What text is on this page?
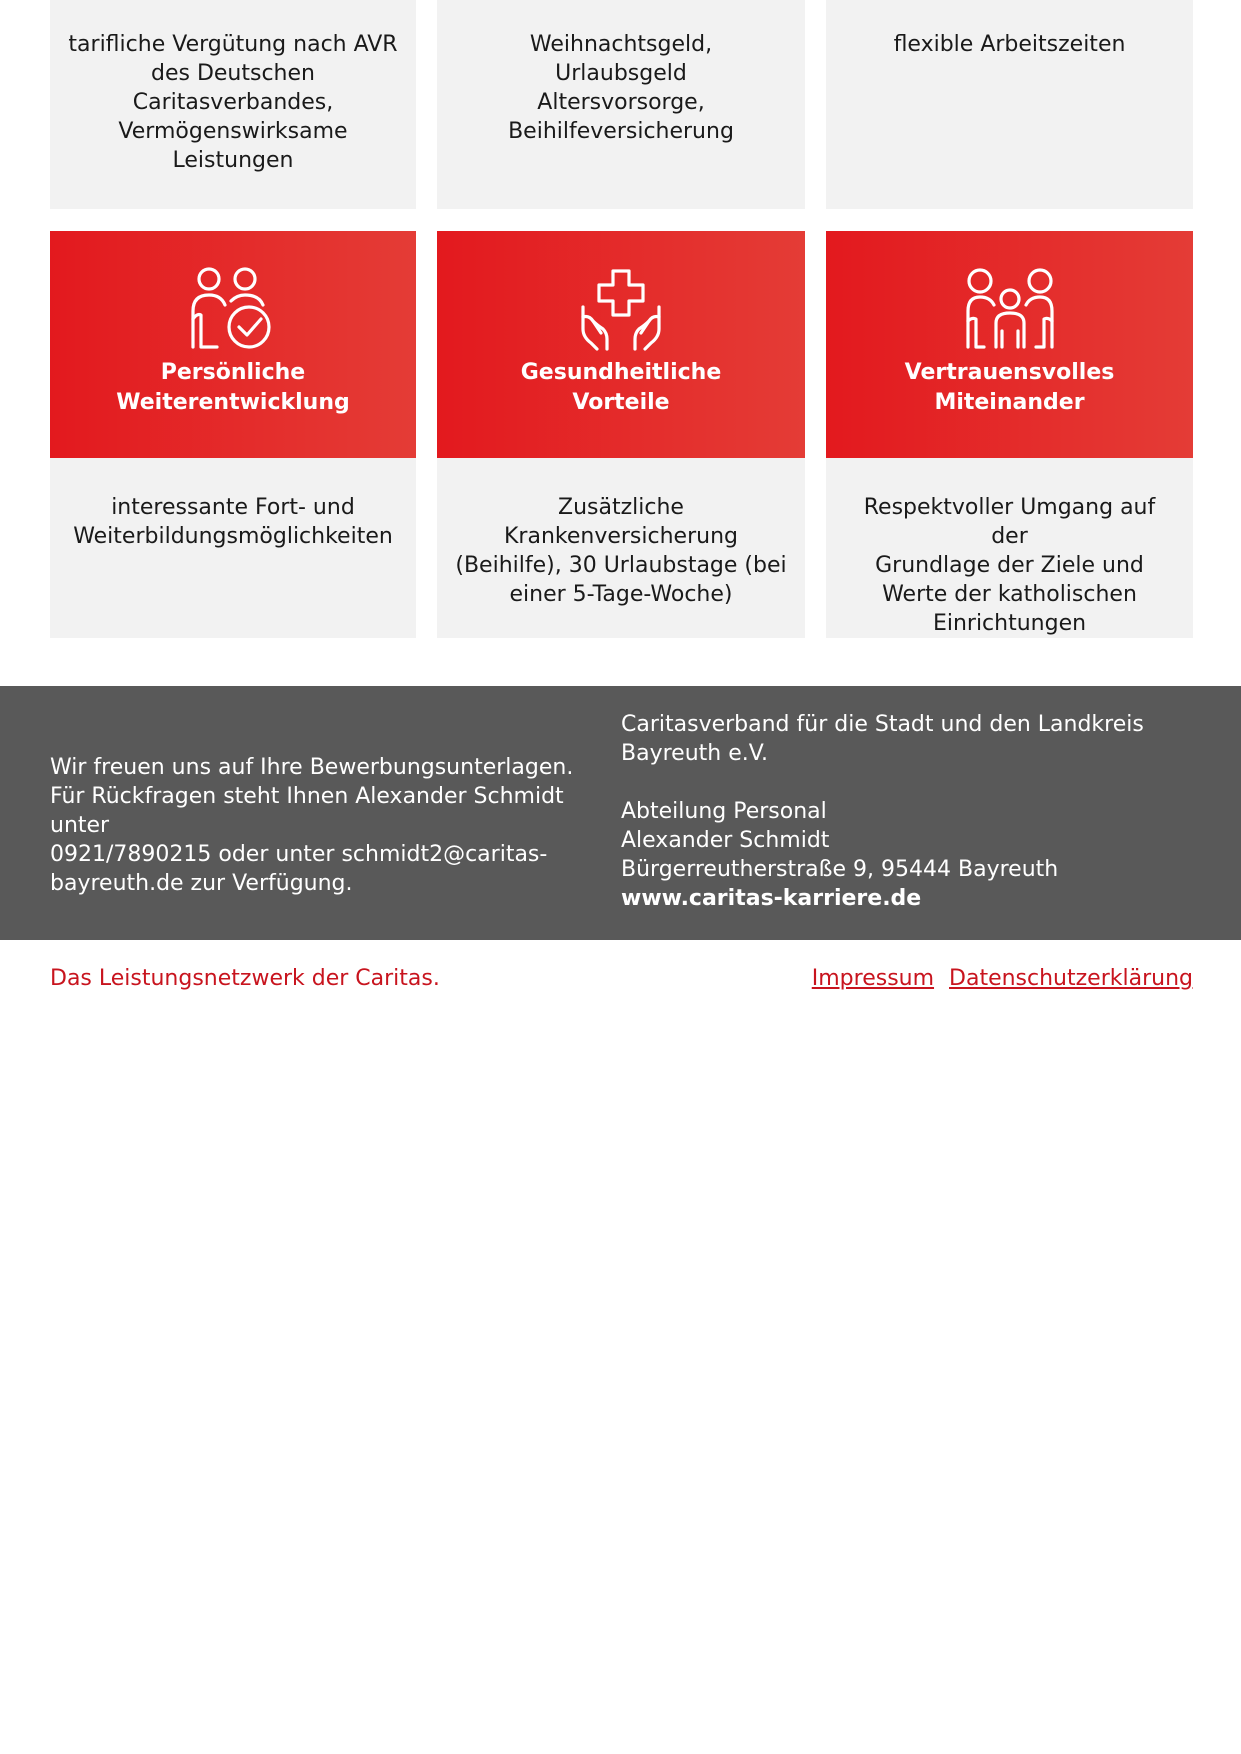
tarifliche Vergütung nach AVR
des Deutschen
Caritasverbandes,
Vermögenswirksame
Leistungen
Weihnachtsgeld,
Urlaubsgeld
Altersvorsorge,
Beihilfeversicherung
flexible Arbeitszeiten
Persönliche
Weiterentwicklung
Gesundheitliche
Vorteile
Vertrauensvolles
Miteinander
interessante Fort- und
Weiterbildungsmöglichkeiten
Zusätzliche
Krankenversicherung
(Beihilfe), 30 Urlaubstage (bei
einer 5-Tage-Woche)
Respektvoller Umgang auf der
Grundlage der Ziele und
Werte der katholischen
Einrichtungen
Wir freuen uns auf Ihre Bewerbungsunterlagen.
Für Rückfragen steht Ihnen Alexander Schmidt unter
0921/7890215 oder unter schmidt2@caritas-
bayreuth.de zur Verfügung.
Caritasverband für die Stadt und den Landkreis
Bayreuth e.V.
Abteilung Personal
Alexander Schmidt
Bürgerreutherstraße 9, 95444 Bayreuth
www.caritas-karriere.de
Das Leistungsnetzwerk der Caritas.	Impressum Datenschutzerklärung
